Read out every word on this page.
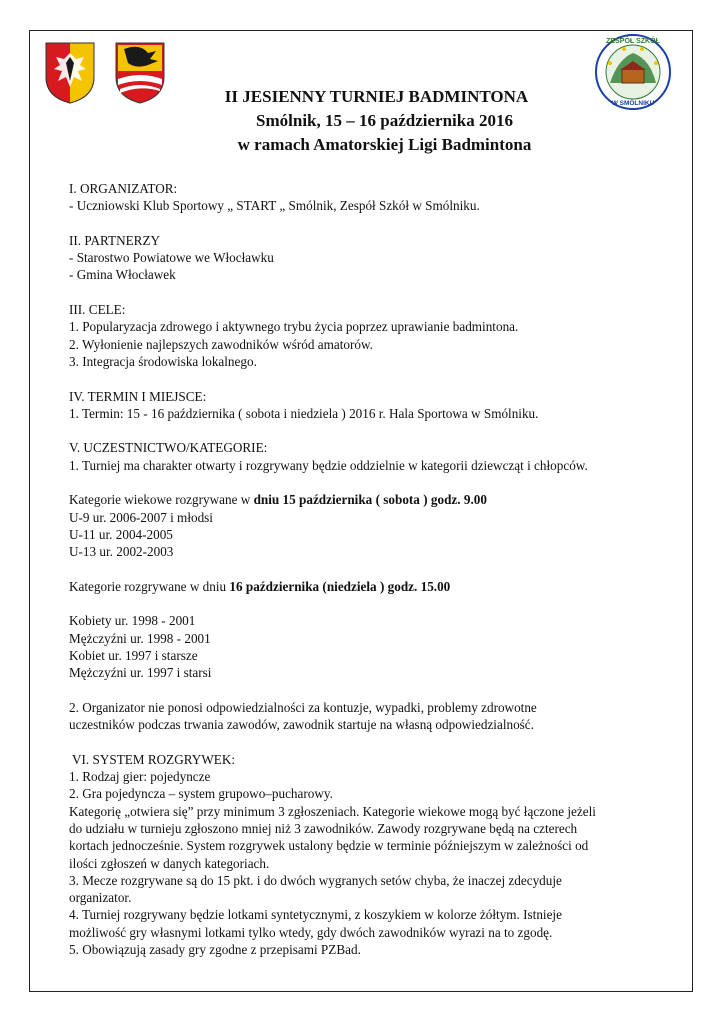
ZESPÓŁ SZKÓŁ
W SMÓLNIKU
II JESIENNY TURNIEJ BADMINTONA
Smólnik, 15 – 16 października 2016
w ramach Amatorskiej Ligi Badmintona

I. ORGANIZATOR:

- Uczniowski Klub Sportowy „ START „ Smólnik, Zespół Szkół w Smólniku.

II. PARTNERZY

- Starostwo Powiatowe we Włocławku

- Gmina Włocławek

III. CELE:

1. Popularyzacja zdrowego i aktywnego trybu życia poprzez uprawianie badmintona.

2. Wyłonienie najlepszych zawodników wśród amatorów.

3. Integracja środowiska lokalnego.

IV. TERMIN I MIEJSCE:

1. Termin: 15 - 16 października ( sobota i niedziela ) 2016 r. Hala Sportowa w Smólniku.

V. UCZESTNICTWO/KATEGORIE:

1. Turniej ma charakter otwarty i rozgrywany będzie oddzielnie w kategorii dziewcząt i chłopców.

Kategorie wiekowe rozgrywane w dniu 15 października ( sobota ) godz. 9.00

U-9 ur. 2006-2007 i młodsi

U-11 ur. 2004-2005

U-13 ur. 2002-2003

Kategorie rozgrywane w dniu 16 października (niedziela ) godz. 15.00

Kobiety ur. 1998 - 2001

Mężczyźni ur. 1998 - 2001

Kobiet ur. 1997 i starsze

Mężczyźni ur. 1997 i starsi

2. Organizator nie ponosi odpowiedzialności za kontuzje, wypadki, problemy zdrowotne

uczestników podczas trwania zawodów, zawodnik startuje na własną odpowiedzialność.

VI. SYSTEM ROZGRYWEK:

1. Rodzaj gier: pojedyncze

2. Gra pojedyncza – system grupowo–pucharowy.

Kategorię „otwiera się” przy minimum 3 zgłoszeniach. Kategorie wiekowe mogą być łączone jeżeli

do udziału w turnieju zgłoszono mniej niż 3 zawodników. Zawody rozgrywane będą na czterech

kortach jednocześnie. System rozgrywek ustalony będzie w terminie późniejszym w zależności od

ilości zgłoszeń w danych kategoriach.

3. Mecze rozgrywane są do 15 pkt. i do dwóch wygranych setów chyba, że inaczej zdecyduje

organizator.

4. Turniej rozgrywany będzie lotkami syntetycznymi, z koszykiem w kolorze żółtym. Istnieje

możliwość gry własnymi lotkami tylko wtedy, gdy dwóch zawodników wyrazi na to zgodę.

5. Obowiązują zasady gry zgodne z przepisami PZBad.
